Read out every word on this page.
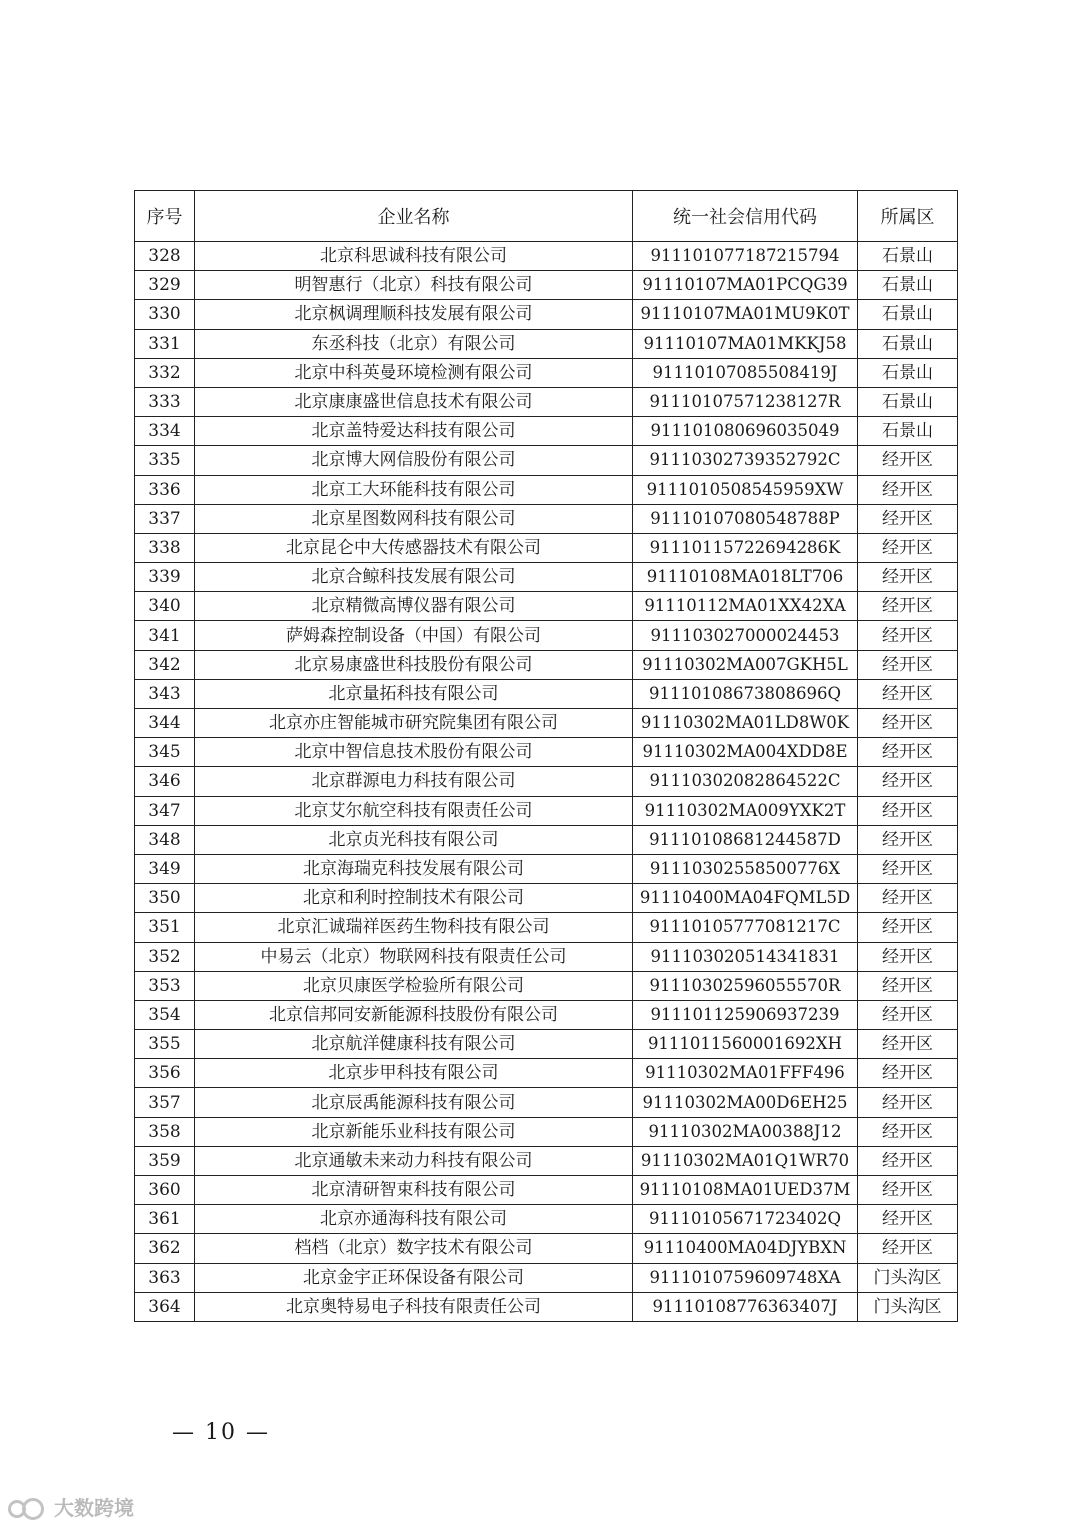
序号	企业名称	统一社会信用代码	所属区
328	北京科思诚科技有限公司	911101077187215794	石景山
329	明智惠行（北京）科技有限公司	91110107MA01PCQG39	石景山
330	北京枫调理顺科技发展有限公司	91110107MA01MU9K0T	石景山
331	东丞科技（北京）有限公司	91110107MA01MKKJ58	石景山
332	北京中科英曼环境检测有限公司	91110107085508419J	石景山
333	北京康康盛世信息技术有限公司	91110107571238127R	石景山
334	北京盖特爱达科技有限公司	911101080696035049	石景山
335	北京博大网信股份有限公司	91110302739352792C	经开区
336	北京工大环能科技有限公司	9111010508545959XW	经开区
337	北京星图数网科技有限公司	91110107080548788P	经开区
338	北京昆仑中大传感器技术有限公司	91110115722694286K	经开区
339	北京合鲸科技发展有限公司	91110108MA018LT706	经开区
340	北京精微高博仪器有限公司	91110112MA01XX42XA	经开区
341	萨姆森控制设备（中国）有限公司	911103027000024453	经开区
342	北京易康盛世科技股份有限公司	91110302MA007GKH5L	经开区
343	北京量拓科技有限公司	91110108673808696Q	经开区
344	北京亦庄智能城市研究院集团有限公司	91110302MA01LD8W0K	经开区
345	北京中智信息技术股份有限公司	91110302MA004XDD8E	经开区
346	北京群源电力科技有限公司	91110302082864522C	经开区
347	北京艾尔航空科技有限责任公司	91110302MA009YXK2T	经开区
348	北京贞光科技有限公司	91110108681244587D	经开区
349	北京海瑞克科技发展有限公司	91110302558500776X	经开区
350	北京和利时控制技术有限公司	91110400MA04FQML5D	经开区
351	北京汇诚瑞祥医药生物科技有限公司	91110105777081217C	经开区
352	中易云（北京）物联网科技有限责任公司	911103020514341831	经开区
353	北京贝康医学检验所有限公司	91110302596055570R	经开区
354	北京信邦同安新能源科技股份有限公司	911101125906937239	经开区
355	北京航洋健康科技有限公司	9111011560001692XH	经开区
356	北京步甲科技有限公司	91110302MA01FFF496	经开区
357	北京辰禹能源科技有限公司	91110302MA00D6EH25	经开区
358	北京新能乐业科技有限公司	91110302MA00388J12	经开区
359	北京通敏未来动力科技有限公司	91110302MA01Q1WR70	经开区
360	北京清研智束科技有限公司	91110108MA01UED37M	经开区
361	北京亦通海科技有限公司	91110105671723402Q	经开区
362	档档（北京）数字技术有限公司	91110400MA04DJYBXN	经开区
363	北京金宇正环保设备有限公司	9111010759609748XA	门头沟区
364	北京奥特易电子科技有限责任公司	91110108776363407J	门头沟区
— 10 —
大数跨境
